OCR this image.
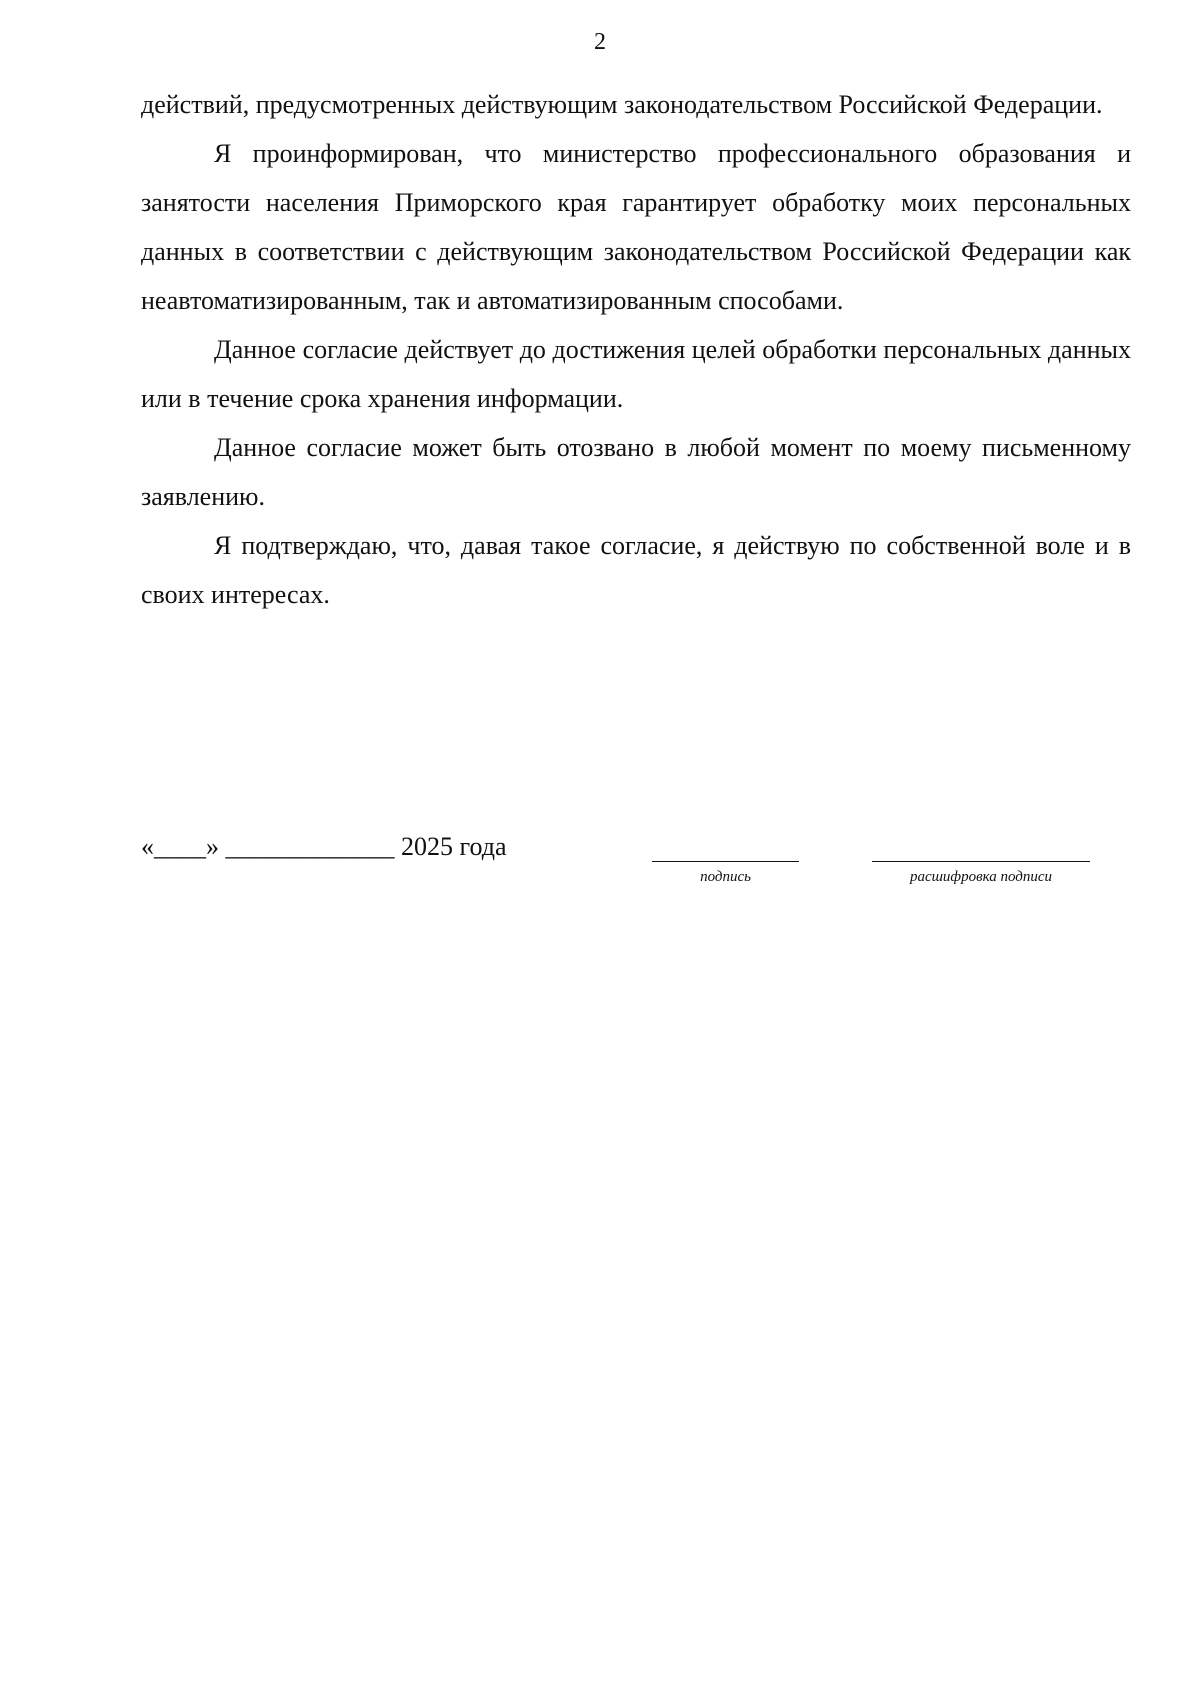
2

действий, предусмотренных действующим законодательством Российской Федерации.

Я проинформирован, что министерство профессионального образования и занятости населения Приморского края гарантирует обработку моих персональных данных в соответствии с действующим законодательством Российской Федерации как неавтоматизированным, так и автоматизированным способами.

Данное согласие действует до достижения целей обработки персональных данных или в течение срока хранения информации.

Данное согласие может быть отозвано в любой момент по моему письменному заявлению.

Я подтверждаю, что, давая такое согласие, я действую по собственной воле и в своих интересах.

«____» _____________ 2025 года
подпись	расшифровка подписи
